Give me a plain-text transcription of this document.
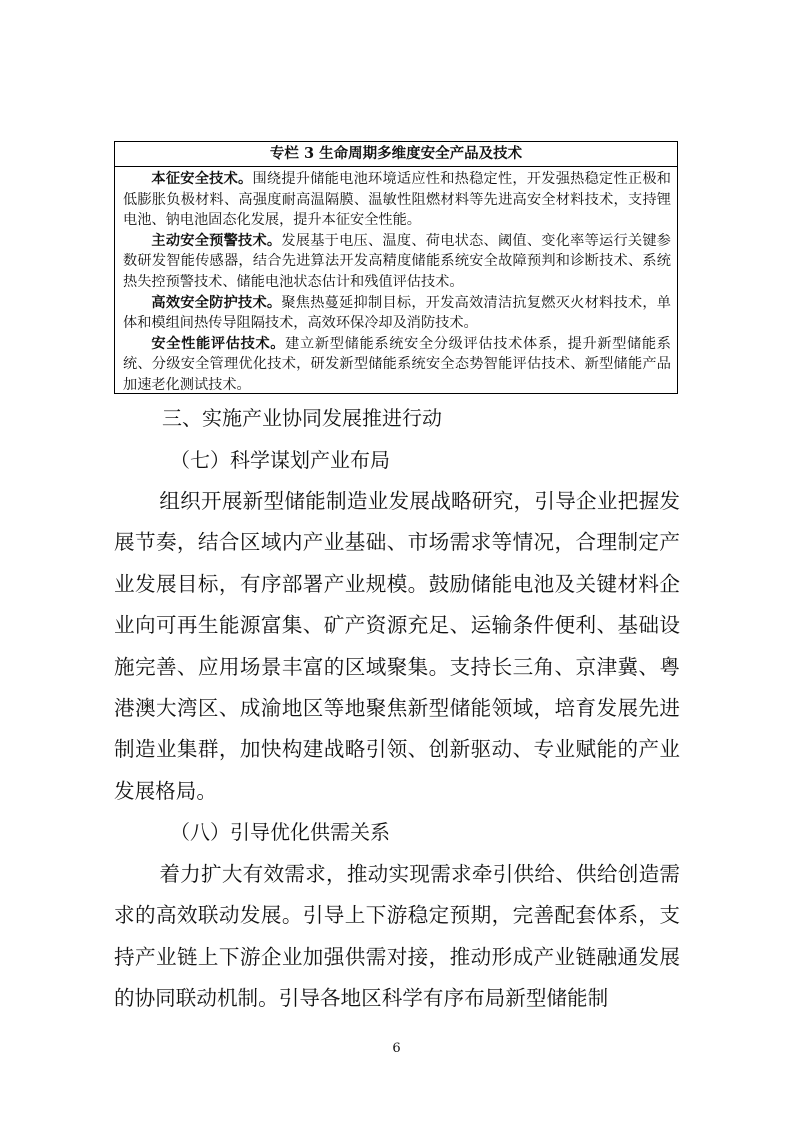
专栏 3 生命周期多维度安全产品及技术

本征安全技术。围绕提升储能电池环境适应性和热稳定性，开发强热稳定性正极和低膨胀负极材料、高强度耐高温隔膜、温敏性阻燃材料等先进高安全材料技术，支持锂电池、钠电池固态化发展，提升本征安全性能。

主动安全预警技术。发展基于电压、温度、荷电状态、阈值、变化率等运行关键参数研发智能传感器，结合先进算法开发高精度储能系统安全故障预判和诊断技术、系统热失控预警技术、储能电池状态估计和残值评估技术。

高效安全防护技术。聚焦热蔓延抑制目标，开发高效清洁抗复燃灭火材料技术，单体和模组间热传导阻隔技术，高效环保冷却及消防技术。

安全性能评估技术。建立新型储能系统安全分级评估技术体系，提升新型储能系统、分级安全管理优化技术，研发新型储能系统安全态势智能评估技术、新型储能产品加速老化测试技术。

三、实施产业协同发展推进行动
（七）科学谋划产业布局

组织开展新型储能制造业发展战略研究，引导企业把握发展节奏，结合区域内产业基础、市场需求等情况，合理制定产业发展目标，有序部署产业规模。鼓励储能电池及关键材料企业向可再生能源富集、矿产资源充足、运输条件便利、基础设施完善、应用场景丰富的区域聚集。支持长三角、京津冀、粤港澳大湾区、成渝地区等地聚焦新型储能领域，培育发展先进制造业集群，加快构建战略引领、创新驱动、专业赋能的产业发展格局。

（八）引导优化供需关系

着力扩大有效需求，推动实现需求牵引供给、供给创造需求的高效联动发展。引导上下游稳定预期，完善配套体系，支持产业链上下游企业加强供需对接，推动形成产业链融通发展的协同联动机制。引导各地区科学有序布局新型储能制

6
